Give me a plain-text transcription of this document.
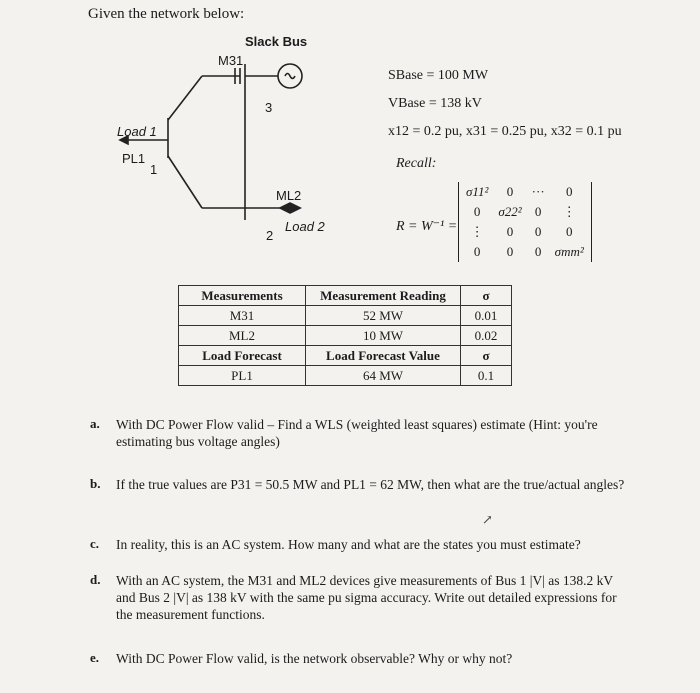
Given the network below:
Slack Bus
M31
3
Load 1
PL1
1
ML2
Load 2
2
SBase = 100 MW
VBase = 138 kV
x12 = 0.2 pu, x31 = 0.25 pu, x32 = 0.1 pu
Recall:
R = W⁻¹ =
σ11²	0	···	0
0	σ22²	0	⋮
⋮	0	0	0
0	0	0	σmm²
Measurements	Measurement Reading	σ
M31	52 MW	0.01
ML2	10 MW	0.02
Load Forecast	Load Forecast Value	σ
PL1	64 MW	0.1
a. With DC Power Flow valid – Find a WLS (weighted least squares) estimate (Hint: you're estimating bus voltage angles)
b. If the true values are P31 = 50.5 MW and PL1 = 62 MW, then what are the true/actual angles?
↗
c. In reality, this is an AC system. How many and what are the states you must estimate?
d. With an AC system, the M31 and ML2 devices give measurements of Bus 1 |V| as 138.2 kV and Bus 2 |V| as 138 kV with the same pu sigma accuracy. Write out detailed expressions for the measurement functions.
e. With DC Power Flow valid, is the network observable? Why or why not?
